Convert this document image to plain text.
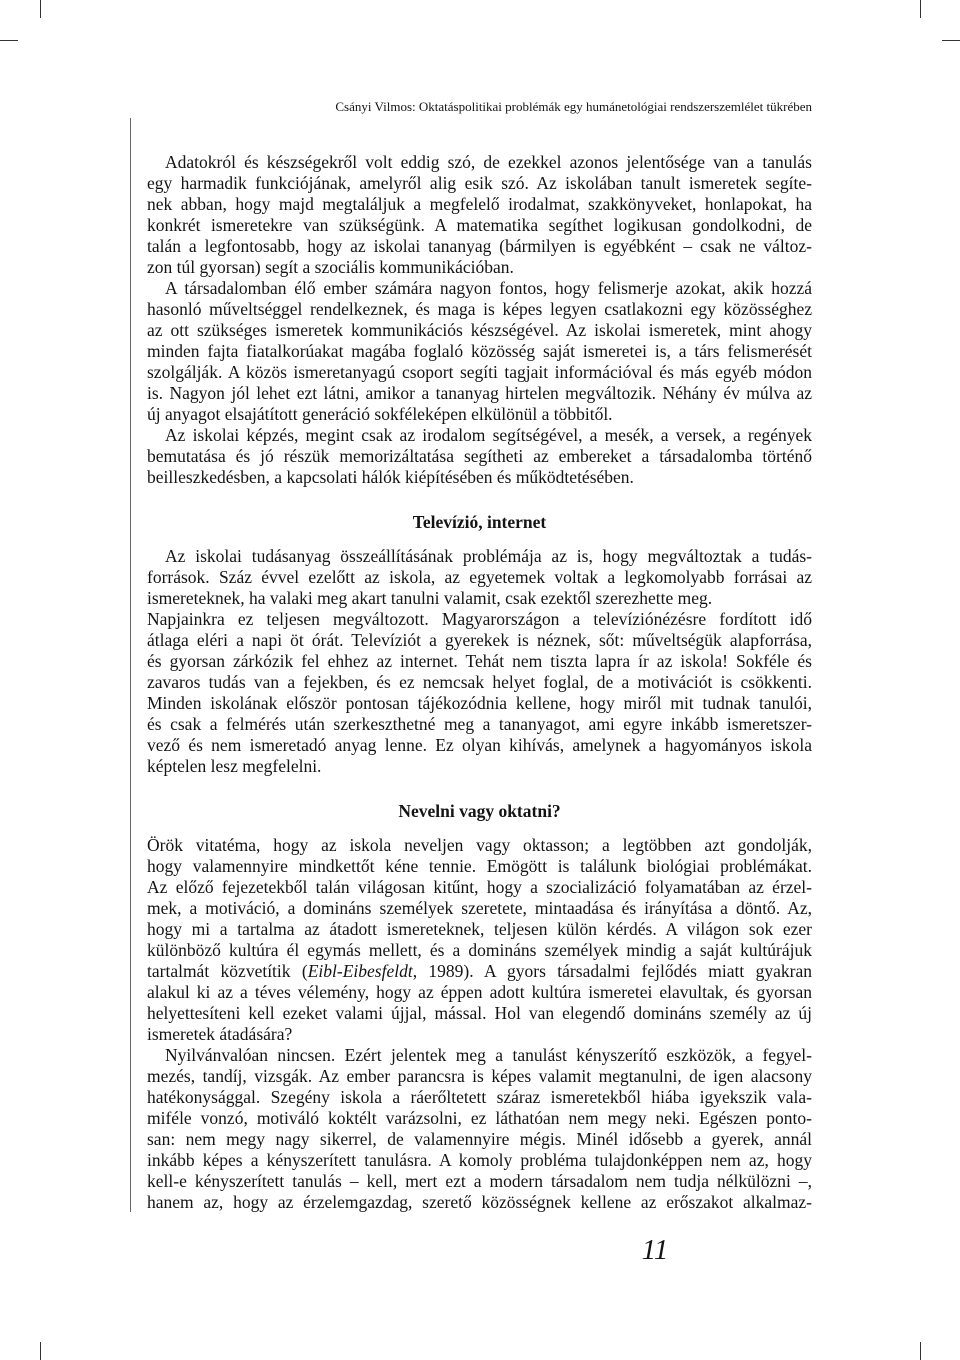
Csányi Vilmos: Oktatáspolitikai problémák egy humánetológiai rendszerszemlélet tükrében
Adatokról és készségekről volt eddig szó, de ezekkel azonos jelentősége van a tanulás
egy harmadik funkciójának, amelyről alig esik szó. Az iskolában tanult ismeretek segíte-
nek abban, hogy majd megtaláljuk a megfelelő irodalmat, szakkönyveket, honlapokat, ha
konkrét ismeretekre van szükségünk. A matematika segíthet logikusan gondolkodni, de
talán a legfontosabb, hogy az iskolai tananyag (bármilyen is egyébként – csak ne változ-
zon túl gyorsan) segít a szociális kommunikációban.
A társadalomban élő ember számára nagyon fontos, hogy felismerje azokat, akik hozzá
hasonló műveltséggel rendelkeznek, és maga is képes legyen csatlakozni egy közösséghez
az ott szükséges ismeretek kommunikációs készségével. Az iskolai ismeretek, mint ahogy
minden fajta fiatalkorúakat magába foglaló közösség saját ismeretei is, a társ felismerését
szolgálják. A közös ismeretanyagú csoport segíti tagjait információval és más egyéb módon
is. Nagyon jól lehet ezt látni, amikor a tananyag hirtelen megváltozik. Néhány év múlva az
új anyagot elsajátított generáció sokféleképen elkülönül a többitől.
Az iskolai képzés, megint csak az irodalom segítségével, a mesék, a versek, a regények
bemutatása és jó részük memorizáltatása segítheti az embereket a társadalomba történő
beilleszkedésben, a kapcsolati hálók kiépítésében és működtetésében.
Televízió, internet
Az iskolai tudásanyag összeállításának problémája az is, hogy megváltoztak a tudás-
források. Száz évvel ezelőtt az iskola, az egyetemek voltak a legkomolyabb forrásai az
ismereteknek, ha valaki meg akart tanulni valamit, csak ezektől szerezhette meg.
Napjainkra ez teljesen megváltozott. Magyarországon a televíziónézésre fordított idő
átlaga eléri a napi öt órát. Televíziót a gyerekek is néznek, sőt: műveltségük alapforrása,
és gyorsan zárkózik fel ehhez az internet. Tehát nem tiszta lapra ír az iskola! Sokféle és
zavaros tudás van a fejekben, és ez nemcsak helyet foglal, de a motivációt is csökkenti.
Minden iskolának először pontosan tájékozódnia kellene, hogy miről mit tudnak tanulói,
és csak a felmérés után szerkeszthetné meg a tananyagot, ami egyre inkább ismeretszer-
vező és nem ismeretadó anyag lenne. Ez olyan kihívás, amelynek a hagyományos iskola
képtelen lesz megfelelni.
Nevelni vagy oktatni?
Örök vitatéma, hogy az iskola neveljen vagy oktasson; a legtöbben azt gondolják,
hogy valamennyire mindkettőt kéne tennie. Emögött is találunk biológiai problémákat.
Az előző fejezetekből talán világosan kitűnt, hogy a szocializáció folyamatában az érzel-
mek, a motiváció, a domináns személyek szeretete, mintaadása és irányítása a döntő. Az,
hogy mi a tartalma az átadott ismereteknek, teljesen külön kérdés. A világon sok ezer
különböző kultúra él egymás mellett, és a domináns személyek mindig a saját kultúrájuk
tartalmát közvetítik (Eibl-Eibesfeldt, 1989). A gyors társadalmi fejlődés miatt gyakran
alakul ki az a téves vélemény, hogy az éppen adott kultúra ismeretei elavultak, és gyorsan
helyettesíteni kell ezeket valami újjal, mással. Hol van elegendő domináns személy az új
ismeretek átadására?
Nyilvánvalóan nincsen. Ezért jelentek meg a tanulást kényszerítő eszközök, a fegyel-
mezés, tandíj, vizsgák. Az ember parancsra is képes valamit megtanulni, de igen alacsony
hatékonysággal. Szegény iskola a ráerőltetett száraz ismeretekből hiába igyekszik vala-
miféle vonzó, motiváló koktélt varázsolni, ez láthatóan nem megy neki. Egészen ponto-
san: nem megy nagy sikerrel, de valamennyire mégis. Minél idősebb a gyerek, annál
inkább képes a kényszerített tanulásra. A komoly probléma tulajdonképpen nem az, hogy
kell-e kényszerített tanulás – kell, mert ezt a modern társadalom nem tudja nélkülözni –,
hanem az, hogy az érzelemgazdag, szerető közösségnek kellene az erőszakot alkalmaz-
11
